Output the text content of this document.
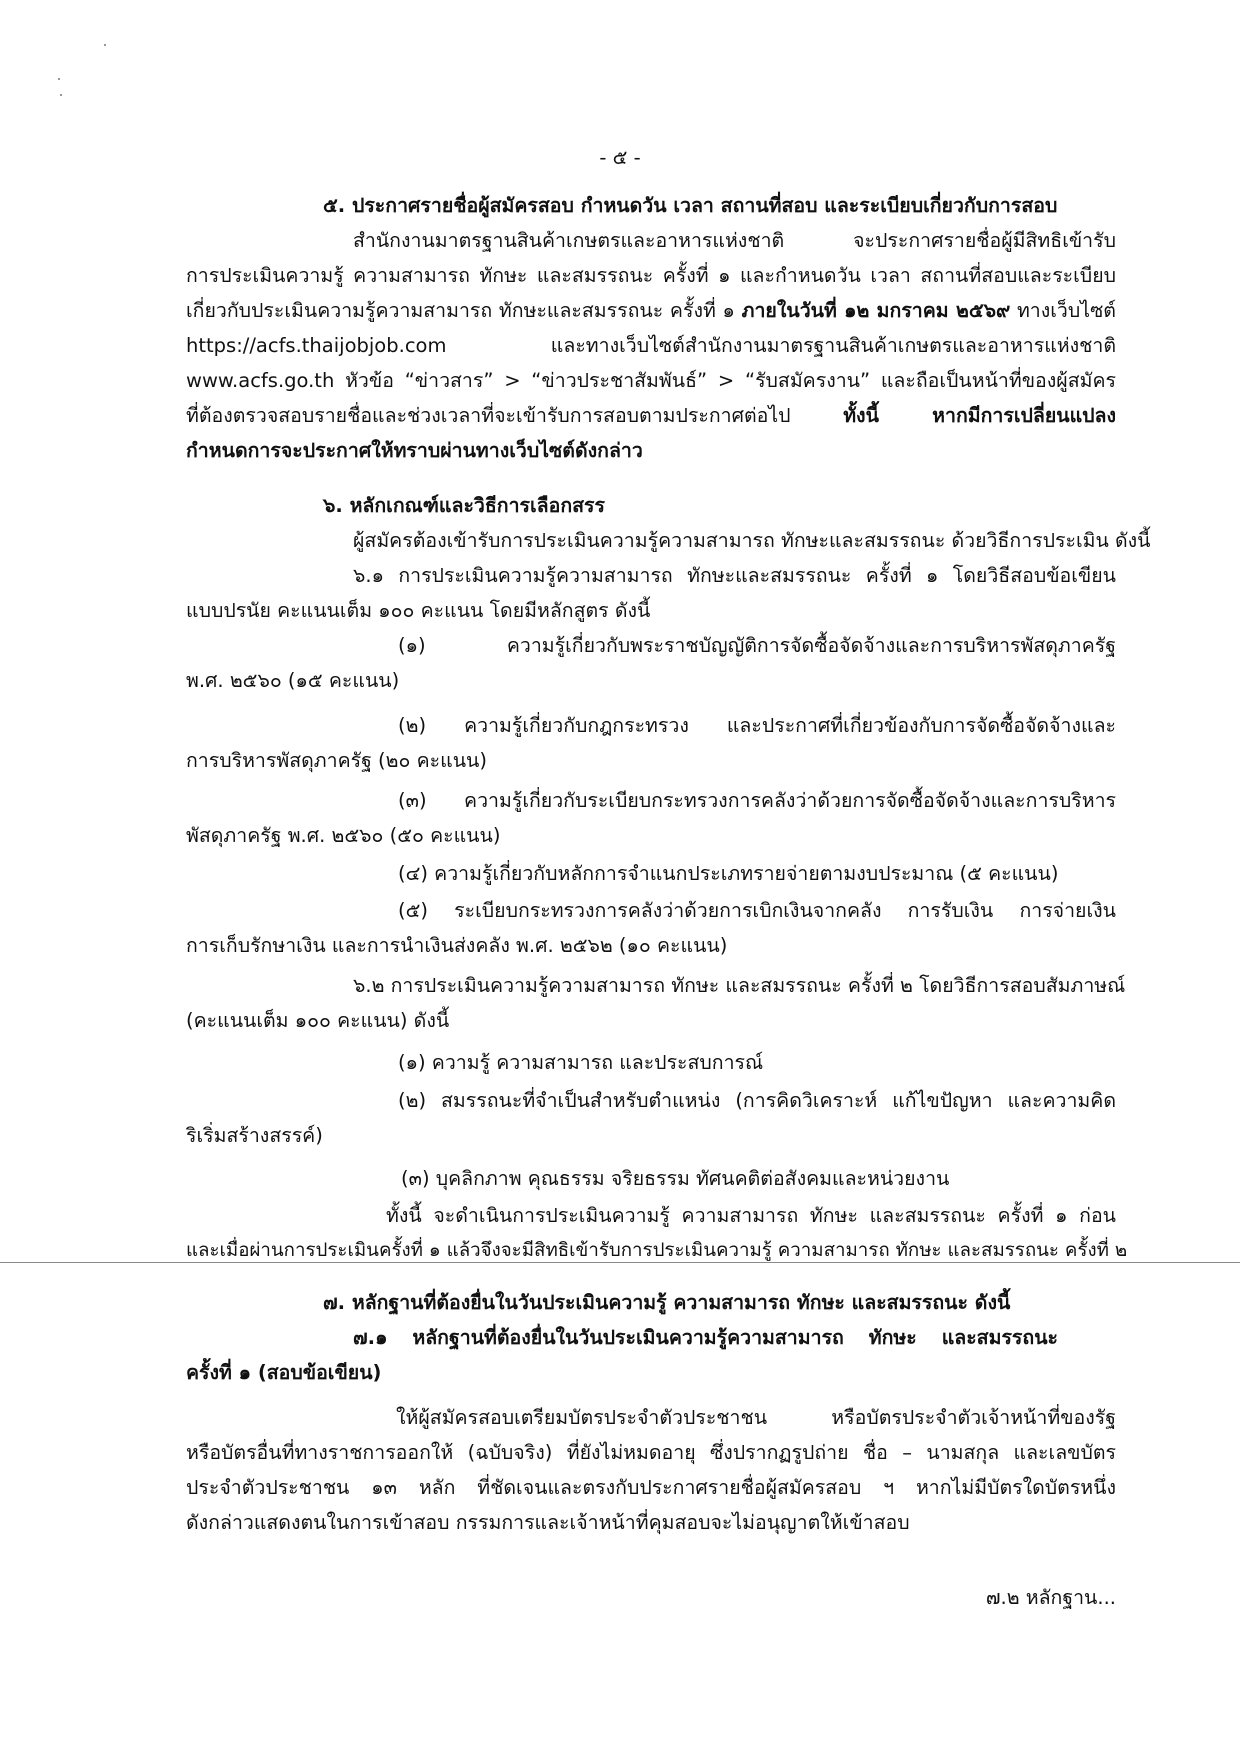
- ๕ -
๕. ประกาศรายชื่อผู้สมัครสอบ กำหนดวัน เวลา สถานที่สอบ และระเบียบเกี่ยวกับการสอบ
สำนักงานมาตรฐานสินค้าเกษตรและอาหารแห่งชาติ จะประกาศรายชื่อผู้มีสิทธิเข้ารับ
การประเมินความรู้ ความสามารถ ทักษะ และสมรรถนะ ครั้งที่ ๑ และกำหนดวัน เวลา สถานที่สอบและระเบียบ
เกี่ยวกับประเมินความรู้ความสามารถ ทักษะและสมรรถนะ ครั้งที่ ๑ ภายในวันที่ ๑๒ มกราคม ๒๕๖๙ ทางเว็บไซต์
https://acfs.thaijobjob.com และทางเว็บไซต์สำนักงานมาตรฐานสินค้าเกษตรและอาหารแห่งชาติ
www.acfs.go.th หัวข้อ “ข่าวสาร” > “ข่าวประชาสัมพันธ์” > “รับสมัครงาน” และถือเป็นหน้าที่ของผู้สมัคร
ที่ต้องตรวจสอบรายชื่อและช่วงเวลาที่จะเข้ารับการสอบตามประกาศต่อไป ทั้งนี้ หากมีการเปลี่ยนแปลง
กำหนดการจะประกาศให้ทราบผ่านทางเว็บไซต์ดังกล่าว
๖. หลักเกณฑ์และวิธีการเลือกสรร
ผู้สมัครต้องเข้ารับการประเมินความรู้ความสามารถ ทักษะและสมรรถนะ ด้วยวิธีการประเมิน ดังนี้
๖.๑ การประเมินความรู้ความสามารถ ทักษะและสมรรถนะ ครั้งที่ ๑ โดยวิธีสอบข้อเขียน
แบบปรนัย คะแนนเต็ม ๑๐๐ คะแนน โดยมีหลักสูตร ดังนี้
(๑) ความรู้เกี่ยวกับพระราชบัญญัติการจัดซื้อจัดจ้างและการบริหารพัสดุภาครัฐ
พ.ศ. ๒๕๖๐ (๑๕ คะแนน)
(๒) ความรู้เกี่ยวกับกฎกระทรวง และประกาศที่เกี่ยวข้องกับการจัดซื้อจัดจ้างและ
การบริหารพัสดุภาครัฐ (๒๐ คะแนน)
(๓) ความรู้เกี่ยวกับระเบียบกระทรวงการคลังว่าด้วยการจัดซื้อจัดจ้างและการบริหาร
พัสดุภาครัฐ พ.ศ. ๒๕๖๐ (๕๐ คะแนน)
(๔) ความรู้เกี่ยวกับหลักการจำแนกประเภทรายจ่ายตามงบประมาณ (๕ คะแนน)
(๕) ระเบียบกระทรวงการคลังว่าด้วยการเบิกเงินจากคลัง การรับเงิน การจ่ายเงิน
การเก็บรักษาเงิน และการนำเงินส่งคลัง พ.ศ. ๒๕๖๒ (๑๐ คะแนน)
๖.๒ การประเมินความรู้ความสามารถ ทักษะ และสมรรถนะ ครั้งที่ ๒ โดยวิธีการสอบสัมภาษณ์
(คะแนนเต็ม ๑๐๐ คะแนน) ดังนี้
(๑) ความรู้ ความสามารถ และประสบการณ์
(๒) สมรรถนะที่จำเป็นสำหรับตำแหน่ง (การคิดวิเคราะห์ แก้ไขปัญหา และความคิด
ริเริ่มสร้างสรรค์)
(๓) บุคลิกภาพ คุณธรรม จริยธรรม ทัศนคติต่อสังคมและหน่วยงาน
ทั้งนี้ จะดำเนินการประเมินความรู้ ความสามารถ ทักษะ และสมรรถนะ ครั้งที่ ๑ ก่อน
และเมื่อผ่านการประเมินครั้งที่ ๑ แล้วจึงจะมีสิทธิเข้ารับการประเมินความรู้ ความสามารถ ทักษะ และสมรรถนะ ครั้งที่ ๒
๗. หลักฐานที่ต้องยื่นในวันประเมินความรู้ ความสามารถ ทักษะ และสมรรถนะ ดังนี้
๗.๑ หลักฐานที่ต้องยื่นในวันประเมินความรู้ความสามารถ ทักษะ และสมรรถนะ
ครั้งที่ ๑ (สอบข้อเขียน)
ให้ผู้สมัครสอบเตรียมบัตรประจำตัวประชาชน หรือบัตรประจำตัวเจ้าหน้าที่ของรัฐ
หรือบัตรอื่นที่ทางราชการออกให้ (ฉบับจริง) ที่ยังไม่หมดอายุ ซึ่งปรากฏรูปถ่าย ชื่อ – นามสกุล และเลขบัตร
ประจำตัวประชาชน ๑๓ หลัก ที่ชัดเจนและตรงกับประกาศรายชื่อผู้สมัครสอบ ฯ หากไม่มีบัตรใดบัตรหนึ่ง
ดังกล่าวแสดงตนในการเข้าสอบ กรรมการและเจ้าหน้าที่คุมสอบจะไม่อนุญาตให้เข้าสอบ
๗.๒ หลักฐาน...
